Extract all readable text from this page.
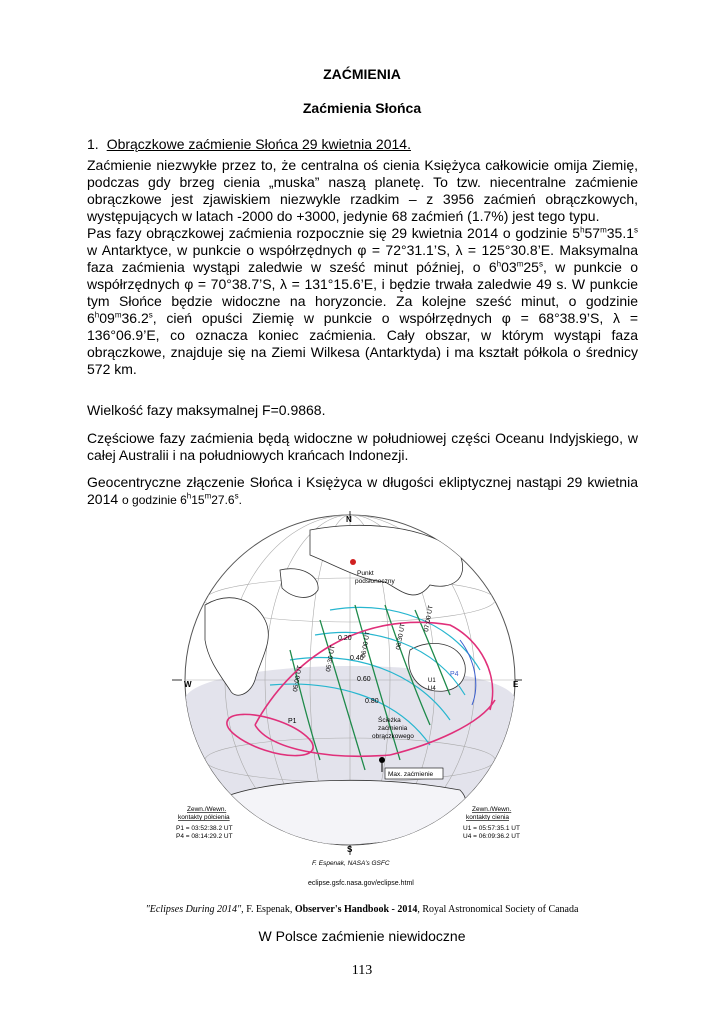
ZAĆMIENIA
Zaćmienia Słońca
1. Obrączkowe zaćmienie Słońca 29 kwietnia 2014.

Zaćmienie niezwykłe przez to, że centralna oś cienia Księżyca całkowicie omija Ziemię, podczas gdy brzeg cienia „muska” naszą planetę. To tzw. niecentralne zaćmienie obrączkowe jest zjawiskiem niezwykle rzadkim – z 3956 zaćmień obrączkowych, występujących w latach -2000 do +3000, jedynie 68 zaćmień (1.7%) jest tego typu.

Pas fazy obrączkowej zaćmienia rozpocznie się 29 kwietnia 2014 o godzinie 5$^h$57$^m$35.1$^s$ w Antarktyce, w punkcie o współrzędnych φ = 72°31.1’S, λ = 125°30.8’E. Maksymalna faza zaćmienia wystąpi zaledwie w sześć minut później, o 6$^h$03$^m$25$^s$, w punkcie o współrzędnych φ = 70°38.7’S, λ = 131°15.6’E, i będzie trwała zaledwie 49 s. W punkcie tym Słońce będzie widoczne na horyzoncie. Za kolejne sześć minut, o godzinie 6$^h$09$^m$36.2$^s$, cień opuści Ziemię w punkcie o współrzędnych φ = 68°38.9’S, λ = 136°06.9’E, co oznacza koniec zaćmienia. Cały obszar, w którym wystąpi faza obrączkowe, znajduje się na Ziemi Wilkesa (Antarktyda) i ma kształt półkola o średnicy 572 km.

Wielkość fazy maksymalnej F=0.9868.
Częściowe fazy zaćmienia będą widoczne w południowej części Oceanu Indyjskiego, w całej Australii i na południowych krańcach Indonezji.
Geocentryczne złączenie Słońca i Księżyca w długości ekliptycznej nastąpi 29 kwietnia 2014 o godzinie 6$^h$15$^m$27.6$^s$.
Punkt
podsłoneczny
Max. zaćmienie
Ścieżka
zaćmienia
obrączkowego
P1
P4
U1
U4
0.20
0.40
0.60
0.80
05:00 UT
05:30 UT
06:00 UT	06:30 UT
07:00 UT
N
S
W	E
Zewn./Wewn.
kontakty półcienia
P1 = 03:52:38.2 UT
P4 = 08:14:29.2 UT
Zewn./Wewn.
kontakty cienia
U1 = 05:57:35.1 UT
U4 = 06:09:36.2 UT
F. Espenak, NASA’s GSFC
eclipse.gsfc.nasa.gov/eclipse.html
"Eclipses During 2014", F. Espenak, Observer's Handbook - 2014, Royal Astronomical Society of Canada
W Polsce zaćmienie niewidoczne
113
